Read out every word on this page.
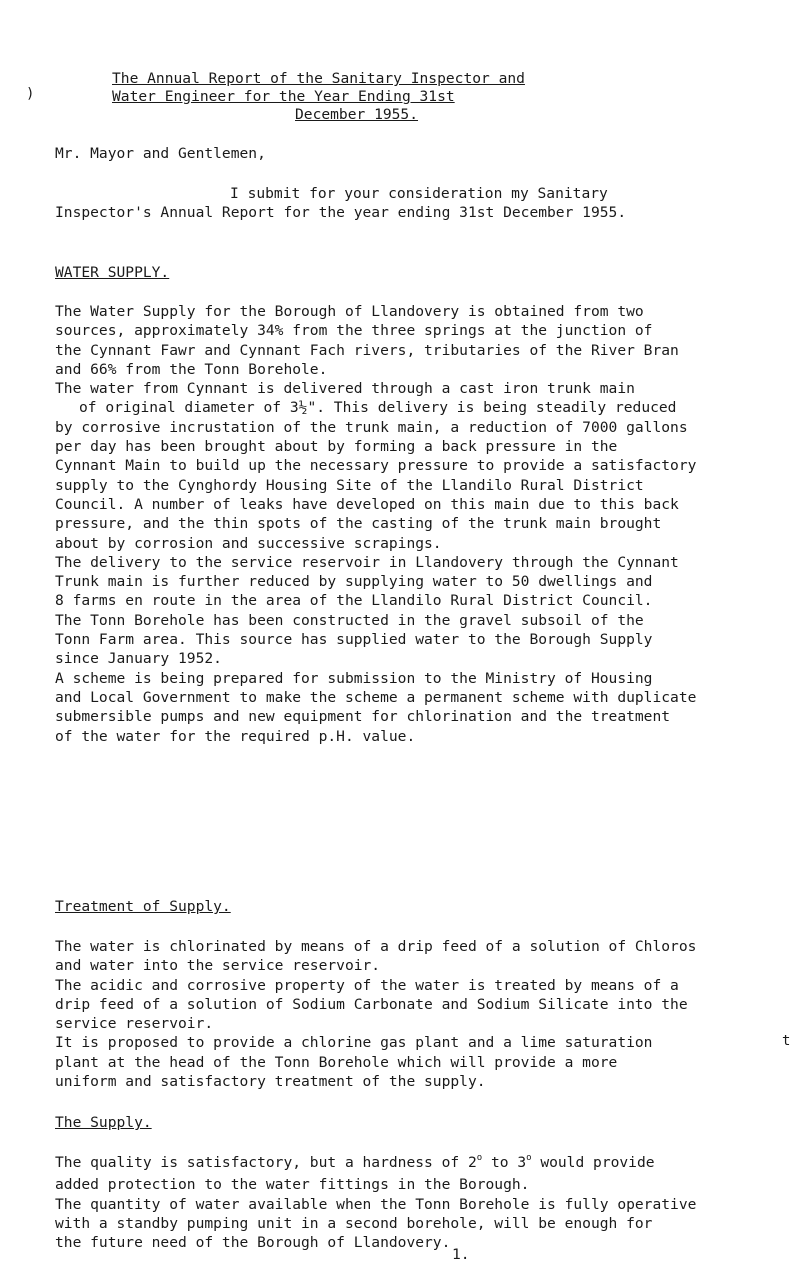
)
The Annual Report of the Sanitary Inspector and
Water Engineer for the Year Ending 31st
December 1955.
Mr. Mayor and Gentlemen,
I submit for your consideration my Sanitary
Inspector's Annual Report for the year ending 31st December 1955.
WATER SUPPLY.
The Water Supply for the Borough of Llandovery is obtained from two
sources, approximately 34% from the three springs at the junction of
the Cynnant Fawr and Cynnant Fach rivers, tributaries of the River Bran
and 66% from the Tonn Borehole.
The water from Cynnant is delivered through a cast iron trunk main
of original diameter of 3½". This delivery is being steadily reduced
by corrosive incrustation of the trunk main, a reduction of 7000 gallons
per day has been brought about by forming a back pressure in the
Cynnant Main to build up the necessary pressure to provide a satisfactory
supply to the Cynghordy Housing Site of the Llandilo Rural District
Council. A number of leaks have developed on this main due to this back
pressure, and the thin spots of the casting of the trunk main brought
about by corrosion and successive scrapings.
The delivery to the service reservoir in Llandovery through the Cynnant
Trunk main is further reduced by supplying water to 50 dwellings and
8 farms en route in the area of the Llandilo Rural District Council.
The Tonn Borehole has been constructed in the gravel subsoil of the
Tonn Farm area. This source has supplied water to the Borough Supply
since January 1952.
A scheme is being prepared for submission to the Ministry of Housing
and Local Government to make the scheme a permanent scheme with duplicate
submersible pumps and new equipment for chlorination and the treatment
of the water for the required p.H. value.
Treatment of Supply.
The water is chlorinated by means of a drip feed of a solution of Chloros
and water into the service reservoir.
The acidic and corrosive property of the water is treated by means of a
drip feed of a solution of Sodium Carbonate and Sodium Silicate into the
service reservoir.
It is proposed to provide a chlorine gas plant and a lime saturation
plant at the head of the Tonn Borehole which will provide a more
uniform and satisfactory treatment of the supply.
t
The Supply.
The quality is satisfactory, but a hardness of 2$^o$ to 3$^o$ would provide
added protection to the water fittings in the Borough.
The quantity of water available when the Tonn Borehole is fully operative
with a standby pumping unit in a second borehole, will be enough for
the future need of the Borough of Llandovery.
1.
